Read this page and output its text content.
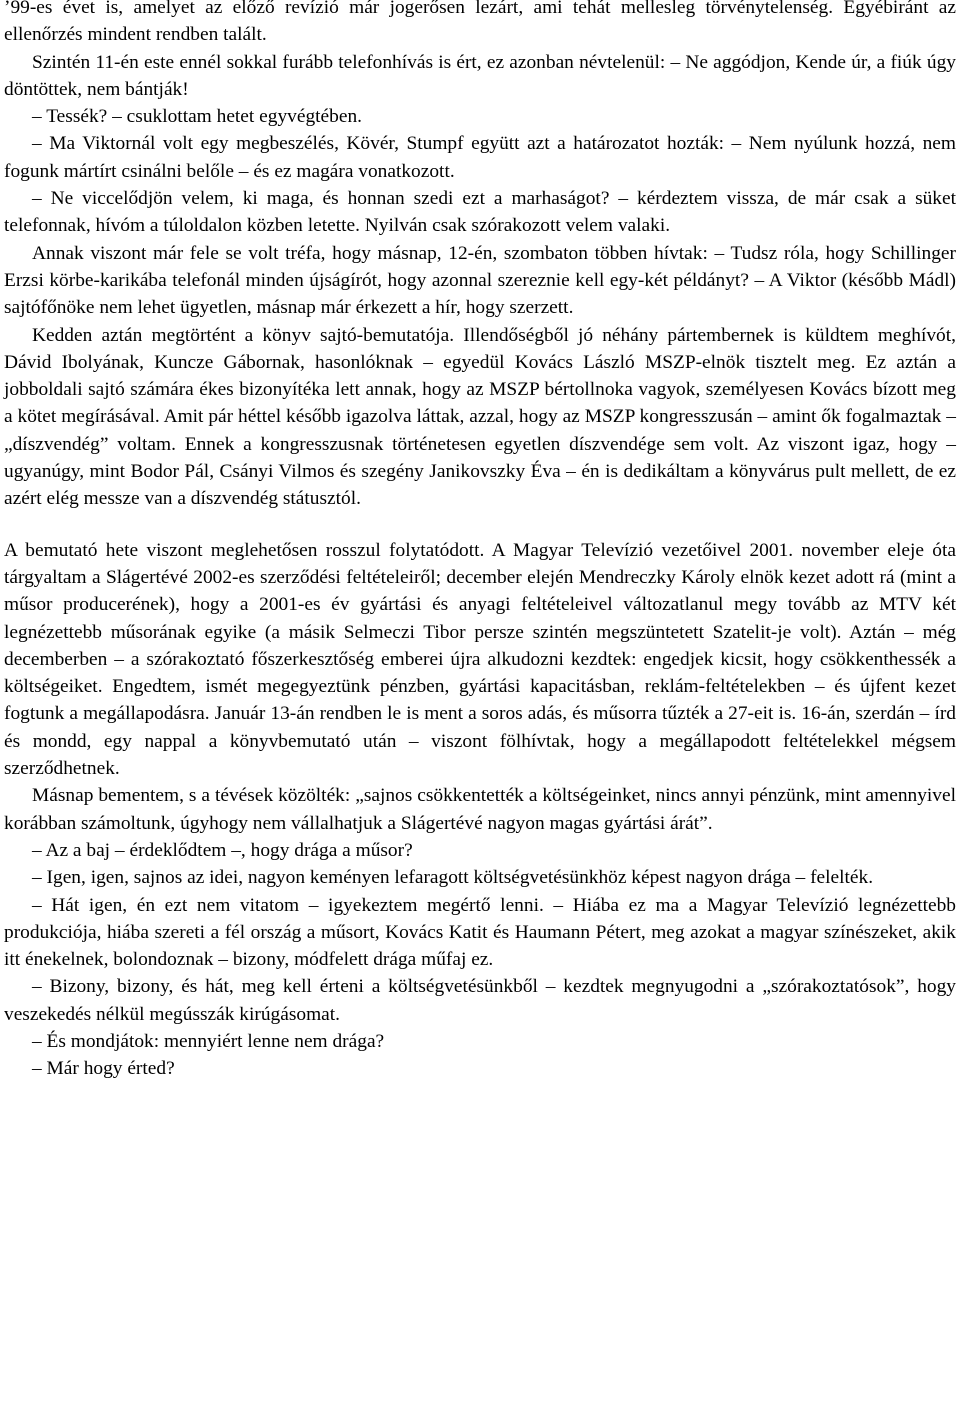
’99-es évet is, amelyet az előző revízió már jogerősen lezárt, ami tehát mellesleg törvénytelenség. Egyébiránt az ellenőrzés mindent rendben talált.

Szintén 11-én este ennél sokkal furább telefonhívás is ért, ez azonban névtelenül: – Ne aggódjon, Kende úr, a fiúk úgy döntöttek, nem bántják!

– Tessék? – csuklottam hetet egyvégtében.

– Ma Viktornál volt egy megbeszélés, Kövér, Stumpf együtt azt a határozatot hozták: – Nem nyúlunk hozzá, nem fogunk mártírt csinálni belőle – és ez magára vonatkozott.

– Ne viccelődjön velem, ki maga, és honnan szedi ezt a marhaságot? – kérdeztem vissza, de már csak a süket telefonnak, hívóm a túloldalon közben letette. Nyilván csak szórakozott velem valaki.

Annak viszont már fele se volt tréfa, hogy másnap, 12-én, szombaton többen hívtak: – Tudsz róla, hogy Schillinger Erzsi körbe-karikába telefonál minden újságírót, hogy azonnal szereznie kell egy-két példányt? – A Viktor (később Mádl) sajtófőnöke nem lehet ügyetlen, másnap már érkezett a hír, hogy szerzett.

Kedden aztán megtörtént a könyv sajtó-bemutatója. Illendőségből jó néhány pártembernek is küldtem meghívót, Dávid Ibolyának, Kuncze Gábornak, hasonlóknak – egyedül Kovács László MSZP-elnök tisztelt meg. Ez aztán a jobboldali sajtó számára ékes bizonyítéka lett annak, hogy az MSZP bértollnoka vagyok, személyesen Kovács bízott meg a kötet megírásával. Amit pár héttel később igazolva láttak, azzal, hogy az MSZP kongresszusán – amint ők fogalmaztak – „díszvendég” voltam. Ennek a kongresszusnak történetesen egyetlen díszvendége sem volt. Az viszont igaz, hogy – ugyanúgy, mint Bodor Pál, Csányi Vilmos és szegény Janikovszky Éva – én is dedikáltam a könyvárus pult mellett, de ez azért elég messze van a díszvendég státusztól.

A bemutató hete viszont meglehetősen rosszul folytatódott. A Magyar Televízió vezetőivel 2001. november eleje óta tárgyaltam a Slágertévé 2002-es szerződési feltételeiről; december elején Mendreczky Károly elnök kezet adott rá (mint a műsor producerének), hogy a 2001-es év gyártási és anyagi feltételeivel változatlanul megy tovább az MTV két legnézettebb műsorának egyike (a másik Selmeczi Tibor persze szintén megszüntetett Szatelit-je volt). Aztán – még decemberben – a szórakoztató főszerkesztőség emberei újra alkudozni kezdtek: engedjek kicsit, hogy csökkenthessék a költségeiket. Engedtem, ismét megegyeztünk pénzben, gyártási kapacitásban, reklám-feltételekben – és újfent kezet fogtunk a megállapodásra. Január 13-án rendben le is ment a soros adás, és műsorra tűzték a 27-eit is. 16-án, szerdán – írd és mondd, egy nappal a könyvbemutató után – viszont fölhívtak, hogy a megállapodott feltételekkel mégsem szerződhetnek.

Másnap bementem, s a tévések közölték: „sajnos csökkentették a költségeinket, nincs annyi pénzünk, mint amennyivel korábban számoltunk, úgyhogy nem vállalhatjuk a Slágertévé nagyon magas gyártási árát”.

– Az a baj – érdeklődtem –, hogy drága a műsor?

– Igen, igen, sajnos az idei, nagyon keményen lefaragott költségvetésünkhöz képest nagyon drága – felelték.

– Hát igen, én ezt nem vitatom – igyekeztem megértő lenni. – Hiába ez ma a Magyar Televízió legnézettebb produkciója, hiába szereti a fél ország a műsort, Kovács Katit és Haumann Pétert, meg azokat a magyar színészeket, akik itt énekelnek, bolondoznak – bizony, módfelett drága műfaj ez.

– Bizony, bizony, és hát, meg kell érteni a költségvetésünkből – kezdtek megnyugodni a „szórakoztatósok”, hogy veszekedés nélkül megússzák kirúgásomat.

– És mondjátok: mennyiért lenne nem drága?

– Már hogy érted?
